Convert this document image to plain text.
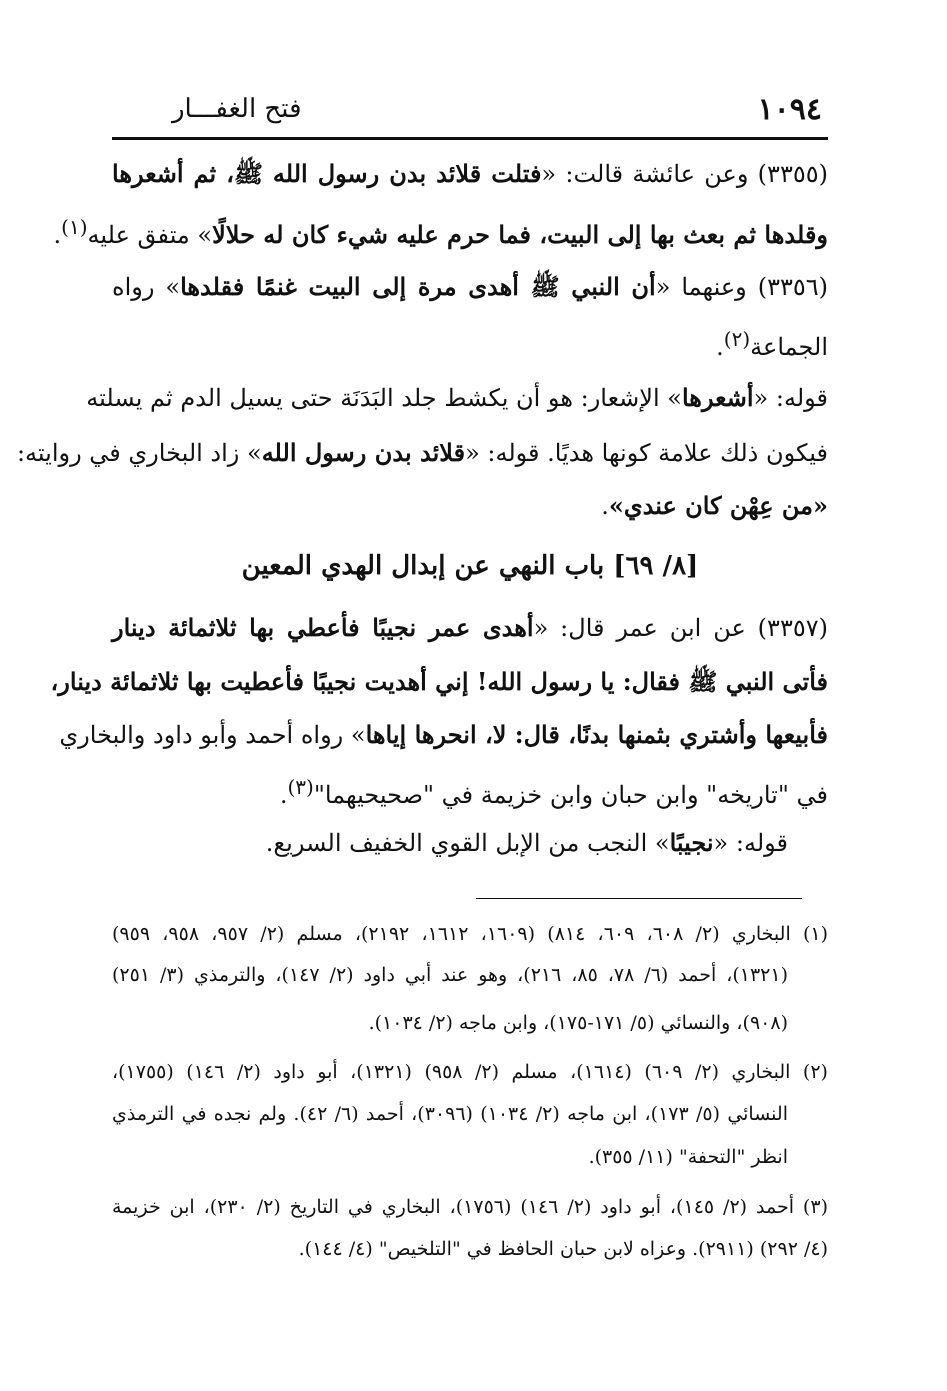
١٠٩٤
فتح الغفـــار
(٣٣٥٥) وعن عائشة قالت: «فتلت قلائد بدن رسول الله ﷺ، ثم أشعرها
وقلدها ثم بعث بها إلى البيت، فما حرم عليه شيء كان له حلالًا» متفق عليه$^{(١)}$.
(٣٣٥٦) وعنهما «أن النبي ﷺ أهدى مرة إلى البيت غنمًا فقلدها» رواه
الجماعة$^{(٢)}$.
قوله: «أشعرها» الإشعار: هو أن يكشط جلد البَدَنَة حتى يسيل الدم ثم يسلته
فيكون ذلك علامة كونها هديًا. قوله: «قلائد بدن رسول الله» زاد البخاري في روايته:
«من عِهْن كان عندي».
[٨/ ٦٩] باب النهي عن إبدال الهدي المعين
(٣٣٥٧) عن ابن عمر قال: «أهدى عمر نجيبًا فأعطي بها ثلاثمائة دينار
فأتى النبي ﷺ فقال: يا رسول الله! إني أهديت نجيبًا فأعطيت بها ثلاثمائة دينار،
فأبيعها وأشتري بثمنها بدنًا، قال: لا، انحرها إياها» رواه أحمد وأبو داود والبخاري
في "تاريخه" وابن حبان وابن خزيمة في "صحيحيهما"$^{(٣)}$.
قوله: «نجيبًا» النجب من الإبل القوي الخفيف السريع.
(١) البخاري (٢/ ٦٠٨، ٦٠٩، ٨١٤) (١٦٠٩، ١٦١٢، ٢١٩٢)، مسلم (٢/ ٩٥٧، ٩٥٨، ٩٥٩)
(١٣٢١)، أحمد (٦/ ٧٨، ٨٥، ٢١٦)، وهو عند أبي داود (٢/ ١٤٧)، والترمذي (٣/ ٢٥١)
(٩٠٨)، والنسائي (٥/ ١٧١-١٧٥)، وابن ماجه (٢/ ١٠٣٤).
(٢) البخاري (٢/ ٦٠٩) (١٦١٤)، مسلم (٢/ ٩٥٨) (١٣٢١)، أبو داود (٢/ ١٤٦) (١٧٥٥)،
النسائي (٥/ ١٧٣)، ابن ماجه (٢/ ١٠٣٤) (٣٠٩٦)، أحمد (٦/ ٤٢). ولم نجده في الترمذي
انظر "التحفة" (١١/ ٣٥٥).
(٣) أحمد (٢/ ١٤٥)، أبو داود (٢/ ١٤٦) (١٧٥٦)، البخاري في التاريخ (٢/ ٢٣٠)، ابن خزيمة
(٤/ ٢٩٢) (٢٩١١). وعزاه لابن حبان الحافظ في "التلخيص" (٤/ ١٤٤).
